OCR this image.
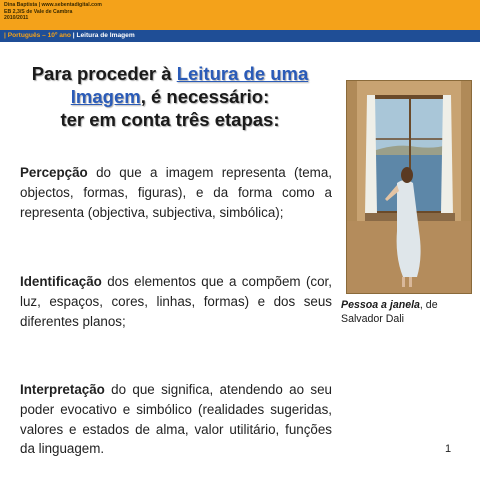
Dina Baptista | www.sebentadigital.com
EB 2,3/S de Vale de Cambra
2010/2011
| Português – 10º ano | Leitura de Imagem
Para proceder à Leitura de uma
Imagem, é necessário:
ter em conta três etapas:
Percepção do que a imagem representa (tema, objectos, formas, figuras), e da forma como a representa (objectiva, subjectiva, simbólica);
Identificação dos elementos que a compõem (cor, luz, espaços, cores, linhas, formas) e dos seus diferentes planos;
Interpretação do que significa, atendendo ao seu poder evocativo e simbólico (realidades sugeridas, valores e estados de alma, valor utilitário, funções da linguagem.
Pessoa a janela, de Salvador Dali
1
